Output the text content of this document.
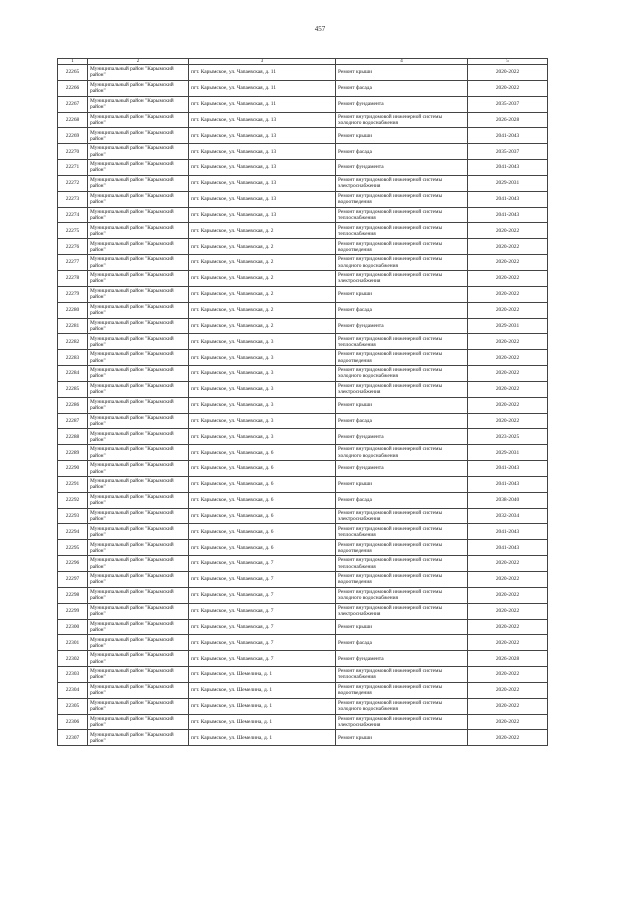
457
1	2	3	4	5
22265	Муниципальный район "Карымский район"	пгт. Карымское, ул. Чапаевская, д. 11	Ремонт крыши	2020-2022
22266	Муниципальный район "Карымский район"	пгт. Карымское, ул. Чапаевская, д. 11	Ремонт фасада	2020-2022
22267	Муниципальный район "Карымский район"	пгт. Карымское, ул. Чапаевская, д. 11	Ремонт фундамента	2035-2037
22268	Муниципальный район "Карымский район"	пгт. Карымское, ул. Чапаевская, д. 13	Ремонт внутридомовой инженерной системы холодного водоснабжения	2026-2028
22269	Муниципальный район "Карымский район"	пгт. Карымское, ул. Чапаевская, д. 13	Ремонт крыши	2041-2043
22270	Муниципальный район "Карымский район"	пгт. Карымское, ул. Чапаевская, д. 13	Ремонт фасада	2035-2037
22271	Муниципальный район "Карымский район"	пгт. Карымское, ул. Чапаевская, д. 13	Ремонт фундамента	2041-2043
22272	Муниципальный район "Карымский район"	пгт. Карымское, ул. Чапаевская, д. 13	Ремонт внутридомовой инженерной системы электроснабжения	2029-2031
22273	Муниципальный район "Карымский район"	пгт. Карымское, ул. Чапаевская, д. 13	Ремонт внутридомовой инженерной системы водоотведения	2041-2043
22274	Муниципальный район "Карымский район"	пгт. Карымское, ул. Чапаевская, д. 13	Ремонт внутридомовой инженерной системы теплоснабжения	2041-2043
22275	Муниципальный район "Карымский район"	пгт. Карымское, ул. Чапаевская, д. 2	Ремонт внутридомовой инженерной системы теплоснабжения	2020-2022
22276	Муниципальный район "Карымский район"	пгт. Карымское, ул. Чапаевская, д. 2	Ремонт внутридомовой инженерной системы водоотведения	2020-2022
22277	Муниципальный район "Карымский район"	пгт. Карымское, ул. Чапаевская, д. 2	Ремонт внутридомовой инженерной системы холодного водоснабжения	2020-2022
22278	Муниципальный район "Карымский район"	пгт. Карымское, ул. Чапаевская, д. 2	Ремонт внутридомовой инженерной системы электроснабжения	2020-2022
22279	Муниципальный район "Карымский район"	пгт. Карымское, ул. Чапаевская, д. 2	Ремонт крыши	2020-2022
22280	Муниципальный район "Карымский район"	пгт. Карымское, ул. Чапаевская, д. 2	Ремонт фасада	2020-2022
22281	Муниципальный район "Карымский район"	пгт. Карымское, ул. Чапаевская, д. 2	Ремонт фундамента	2029-2031
22282	Муниципальный район "Карымский район"	пгт. Карымское, ул. Чапаевская, д. 3	Ремонт внутридомовой инженерной системы теплоснабжения	2020-2022
22283	Муниципальный район "Карымский район"	пгт. Карымское, ул. Чапаевская, д. 3	Ремонт внутридомовой инженерной системы водоотведения	2020-2022
22284	Муниципальный район "Карымский район"	пгт. Карымское, ул. Чапаевская, д. 3	Ремонт внутридомовой инженерной системы холодного водоснабжения	2020-2022
22285	Муниципальный район "Карымский район"	пгт. Карымское, ул. Чапаевская, д. 3	Ремонт внутридомовой инженерной системы электроснабжения	2020-2022
22286	Муниципальный район "Карымский район"	пгт. Карымское, ул. Чапаевская, д. 3	Ремонт крыши	2020-2022
22287	Муниципальный район "Карымский район"	пгт. Карымское, ул. Чапаевская, д. 3	Ремонт фасада	2020-2022
22288	Муниципальный район "Карымский район"	пгт. Карымское, ул. Чапаевская, д. 3	Ремонт фундамента	2023-2025
22289	Муниципальный район "Карымский район"	пгт. Карымское, ул. Чапаевская, д. 6	Ремонт внутридомовой инженерной системы холодного водоснабжения	2029-2031
22290	Муниципальный район "Карымский район"	пгт. Карымское, ул. Чапаевская, д. 6	Ремонт фундамента	2041-2043
22291	Муниципальный район "Карымский район"	пгт. Карымское, ул. Чапаевская, д. 6	Ремонт крыши	2041-2043
22292	Муниципальный район "Карымский район"	пгт. Карымское, ул. Чапаевская, д. 6	Ремонт фасада	2038-2040
22293	Муниципальный район "Карымский район"	пгт. Карымское, ул. Чапаевская, д. 6	Ремонт внутридомовой инженерной системы электроснабжения	2032-2034
22294	Муниципальный район "Карымский район"	пгт. Карымское, ул. Чапаевская, д. 6	Ремонт внутридомовой инженерной системы теплоснабжения	2041-2043
22295	Муниципальный район "Карымский район"	пгт. Карымское, ул. Чапаевская, д. 6	Ремонт внутридомовой инженерной системы водоотведения	2041-2043
22296	Муниципальный район "Карымский район"	пгт. Карымское, ул. Чапаевская, д. 7	Ремонт внутридомовой инженерной системы теплоснабжения	2020-2022
22297	Муниципальный район "Карымский район"	пгт. Карымское, ул. Чапаевская, д. 7	Ремонт внутридомовой инженерной системы водоотведения	2020-2022
22298	Муниципальный район "Карымский район"	пгт. Карымское, ул. Чапаевская, д. 7	Ремонт внутридомовой инженерной системы холодного водоснабжения	2020-2022
22299	Муниципальный район "Карымский район"	пгт. Карымское, ул. Чапаевская, д. 7	Ремонт внутридомовой инженерной системы электроснабжения	2020-2022
22300	Муниципальный район "Карымский район"	пгт. Карымское, ул. Чапаевская, д. 7	Ремонт крыши	2020-2022
22301	Муниципальный район "Карымский район"	пгт. Карымское, ул. Чапаевская, д. 7	Ремонт фасада	2020-2022
22302	Муниципальный район "Карымский район"	пгт. Карымское, ул. Чапаевская, д. 7	Ремонт фундамента	2026-2028
22303	Муниципальный район "Карымский район"	пгт. Карымское, ул. Шемелина, д. 1	Ремонт внутридомовой инженерной системы теплоснабжения	2020-2022
22304	Муниципальный район "Карымский район"	пгт. Карымское, ул. Шемелина, д. 1	Ремонт внутридомовой инженерной системы водоотведения	2020-2022
22305	Муниципальный район "Карымский район"	пгт. Карымское, ул. Шемелина, д. 1	Ремонт внутридомовой инженерной системы холодного водоснабжения	2020-2022
22306	Муниципальный район "Карымский район"	пгт. Карымское, ул. Шемелина, д. 1	Ремонт внутридомовой инженерной системы электроснабжения	2020-2022
22307	Муниципальный район "Карымский район"	пгт. Карымское, ул. Шемелина, д. 1	Ремонт крыши	2020-2022
